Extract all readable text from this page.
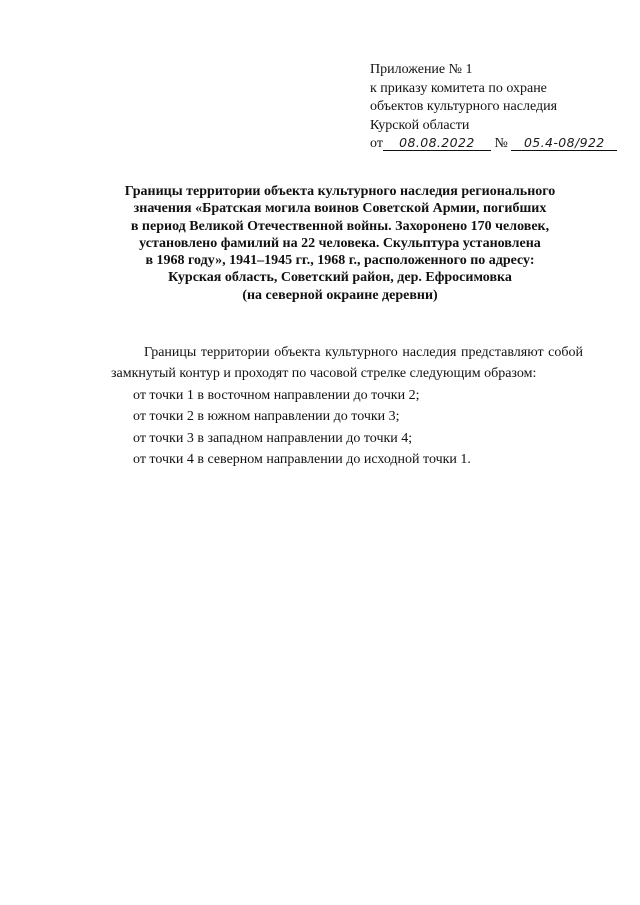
Приложение № 1
к приказу комитета по охране
объектов культурного наследия
Курской области
от 08.08.2022 № 05.4-08/922
Границы территории объекта культурного наследия регионального
значения «Братская могила воинов Советской Армии, погибших
в период Великой Отечественной войны. Захоронено 170 человек,
установлено фамилий на 22 человека. Скульптура установлена
в 1968 году», 1941–1945 гг., 1968 г., расположенного по адресу:
Курская область, Советский район, дер. Ефросимовка
(на северной окраине деревни)

Границы территории объекта культурного наследия представляют собой замкнутый контур и проходят по часовой стрелке следующим образом:

от точки 1 в восточном направлении до точки 2;
от точки 2 в южном направлении до точки 3;
от точки 3 в западном направлении до точки 4;
от точки 4 в северном направлении до исходной точки 1.
